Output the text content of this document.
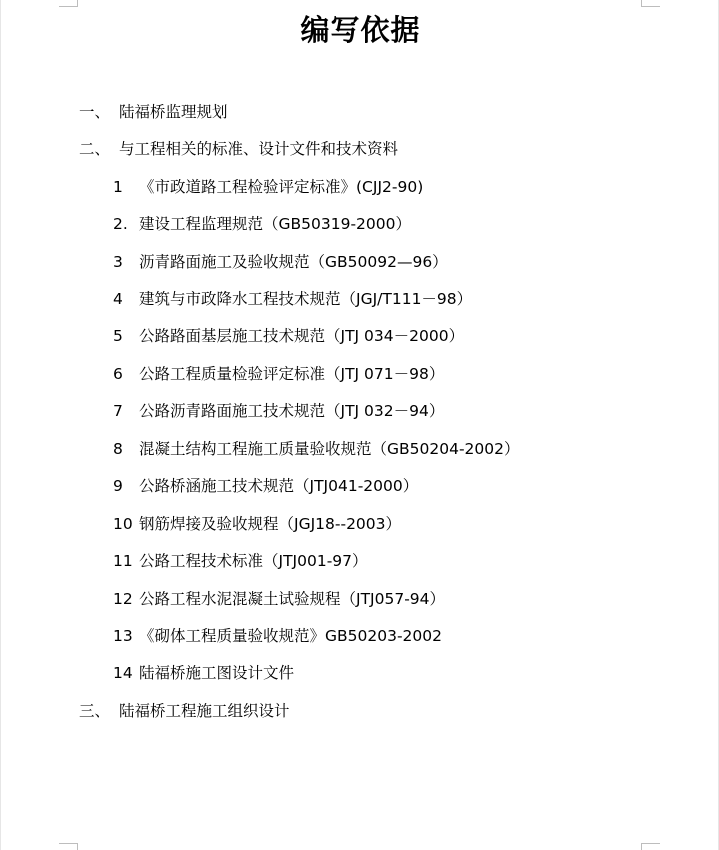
编写依据
一、 陆福桥监理规划
二、 与工程相关的标准、设计文件和技术资料
1 《市政道路工程检验评定标准》(CJJ2-90)
2. 建设工程监理规范（GB50319-2000）
3 沥青路面施工及验收规范（GB50092—96）
4 建筑与市政降水工程技术规范（JGJ/T111－98）
5 公路路面基层施工技术规范（JTJ 034－2000）
6 公路工程质量检验评定标准（JTJ 071－98）
7 公路沥青路面施工技术规范（JTJ 032－94）
8 混凝土结构工程施工质量验收规范（GB50204-2002）
9 公路桥涵施工技术规范（JTJ041-2000）
10 钢筋焊接及验收规程（JGJ18--2003）
11 公路工程技术标准（JTJ001-97）
12 公路工程水泥混凝土试验规程（JTJ057-94）
13 《砌体工程质量验收规范》GB50203-2002
14 陆福桥施工图设计文件
三、 陆福桥工程施工组织设计
